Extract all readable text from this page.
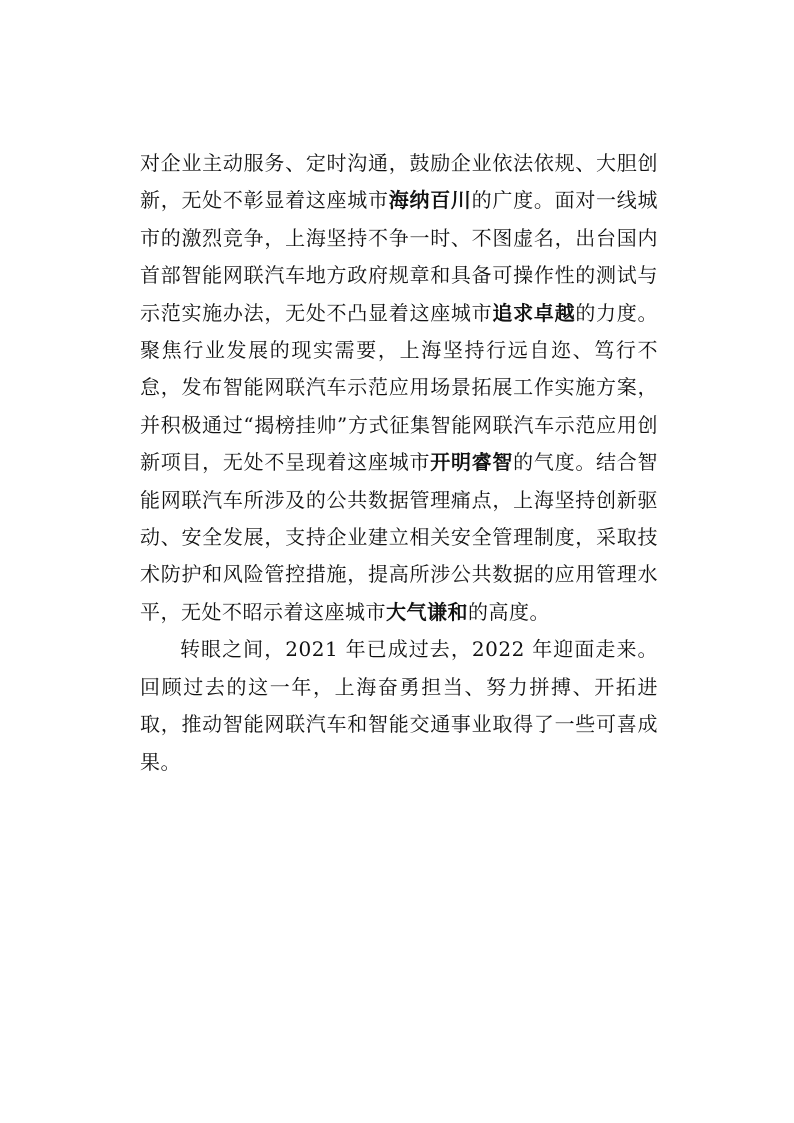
对企业主动服务、定时沟通，鼓励企业依法依规、大胆创新，无处不彰显着这座城市海纳百川的广度。面对一线城市的激烈竞争，上海坚持不争一时、不图虚名，出台国内首部智能网联汽车地方政府规章和具备可操作性的测试与示范实施办法，无处不凸显着这座城市追求卓越的力度。聚焦行业发展的现实需要，上海坚持行远自迩、笃行不怠，发布智能网联汽车示范应用场景拓展工作实施方案，并积极通过“揭榜挂帅”方式征集智能网联汽车示范应用创新项目，无处不呈现着这座城市开明睿智的气度。结合智能网联汽车所涉及的公共数据管理痛点，上海坚持创新驱动、安全发展，支持企业建立相关安全管理制度，采取技术防护和风险管控措施，提高所涉公共数据的应用管理水平，无处不昭示着这座城市大气谦和的高度。

转眼之间，2021 年已成过去，2022 年迎面走来。回顾过去的这一年，上海奋勇担当、努力拼搏、开拓进取，推动智能网联汽车和智能交通事业取得了一些可喜成果。
